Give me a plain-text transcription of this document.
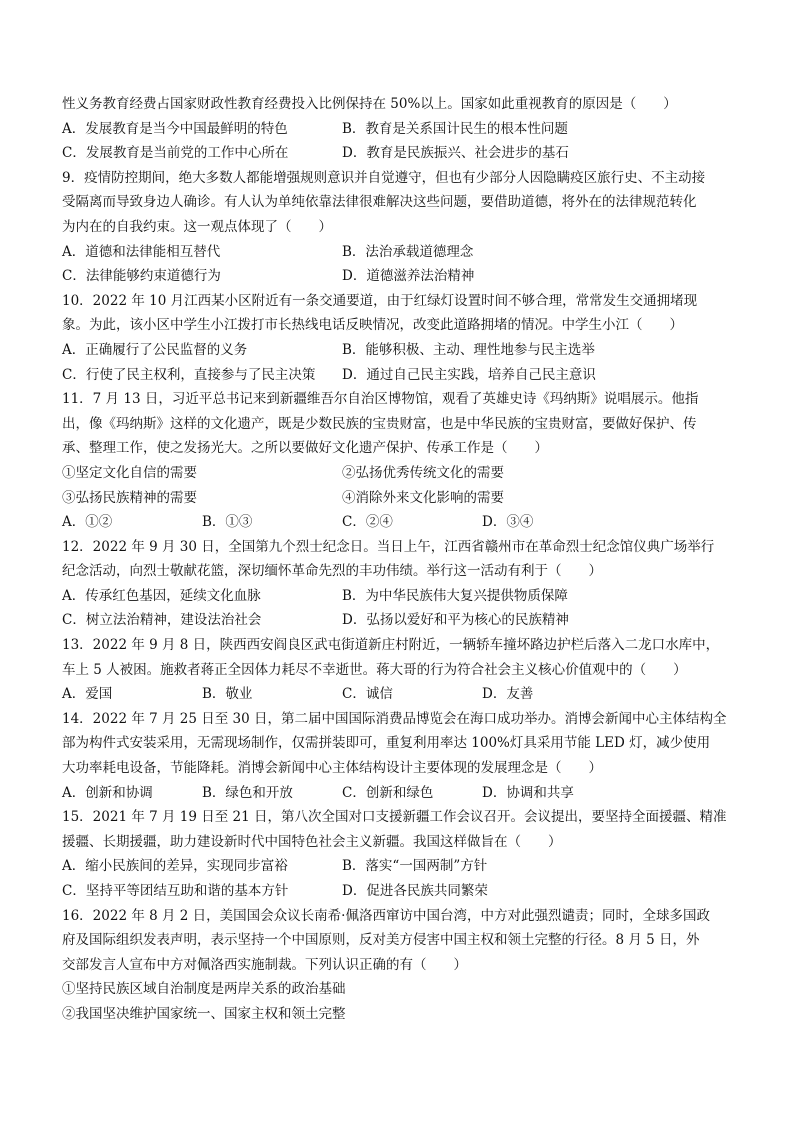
性义务教育经费占国家财政性教育经费投入比例保持在 50%以上。国家如此重视教育的原因是（　　）
A．发展教育是当今中国最鲜明的特色	B．教育是关系国计民生的根本性问题
C．发展教育是当前党的工作中心所在	D．教育是民族振兴、社会进步的基石
9．疫情防控期间，绝大多数人都能增强规则意识并自觉遵守，但也有少部分人因隐瞒疫区旅行史、不主动接
受隔离而导致身边人确诊。有人认为单纯依靠法律很难解决这些问题，要借助道德，将外在的法律规范转化
为内在的自我约束。这一观点体现了（　　）
A．道德和法律能相互替代	B．法治承载道德理念
C．法律能够约束道德行为	D．道德滋养法治精神
10．2022 年 10 月江西某小区附近有一条交通要道，由于红绿灯设置时间不够合理，常常发生交通拥堵现
象。为此，该小区中学生小江拨打市长热线电话反映情况，改变此道路拥堵的情况。中学生小江（　　）
A．正确履行了公民监督的义务	B．能够积极、主动、理性地参与民主选举
C．行使了民主权利，直接参与了民主决策	D．通过自己民主实践，培养自己民主意识
11．7 月 13 日，习近平总书记来到新疆维吾尔自治区博物馆，观看了英雄史诗《玛纳斯》说唱展示。他指
出，像《玛纳斯》这样的文化遗产，既是少数民族的宝贵财富，也是中华民族的宝贵财富，要做好保护、传
承、整理工作，使之发扬光大。之所以要做好文化遗产保护、传承工作是（　　）
①坚定文化自信的需要	②弘扬优秀传统文化的需要
③弘扬民族精神的需要	④消除外来文化影响的需要
A．①②	B．①③	C．②④	D．③④
12．2022 年 9 月 30 日，全国第九个烈士纪念日。当日上午，江西省赣州市在革命烈士纪念馆仪典广场举行
纪念活动，向烈士敬献花篮，深切缅怀革命先烈的丰功伟绩。举行这一活动有利于（　　）
A．传承红色基因，延续文化血脉	B．为中华民族伟大复兴提供物质保障
C．树立法治精神，建设法治社会	D．弘扬以爱好和平为核心的民族精神
13．2022 年 9 月 8 日，陕西西安阎良区武屯街道新庄村附近，一辆轿车撞坏路边护栏后落入二龙口水库中，
车上 5 人被困。施救者蒋正全因体力耗尽不幸逝世。蒋大哥的行为符合社会主义核心价值观中的（　　）
A．爱国	B．敬业	C．诚信	D．友善
14．2022 年 7 月 25 日至 30 日，第二届中国国际消费品博览会在海口成功举办。消博会新闻中心主体结构全
部为构件式安装采用，无需现场制作，仅需拼装即可，重复利用率达 100%灯具采用节能 LED 灯，减少使用
大功率耗电设备，节能降耗。消博会新闻中心主体结构设计主要体现的发展理念是（　　）
A．创新和协调	B．绿色和开放	C．创新和绿色	D．协调和共享
15．2021 年 7 月 19 日至 21 日，第八次全国对口支援新疆工作会议召开。会议提出，要坚持全面援疆、精准
援疆、长期援疆，助力建设新时代中国特色社会主义新疆。我国这样做旨在（　　）
A．缩小民族间的差异，实现同步富裕	B．落实“一国两制”方针
C．坚持平等团结互助和谐的基本方针	D．促进各民族共同繁荣
16．2022 年 8 月 2 日，美国国会众议长南希·佩洛西窜访中国台湾，中方对此强烈谴责；同时，全球多国政
府及国际组织发表声明，表示坚持一个中国原则，反对美方侵害中国主权和领土完整的行径。8 月 5 日，外
交部发言人宣布中方对佩洛西实施制裁。下列认识正确的有（　　）
①坚持民族区域自治制度是两岸关系的政治基础
②我国坚决维护国家统一、国家主权和领土完整
